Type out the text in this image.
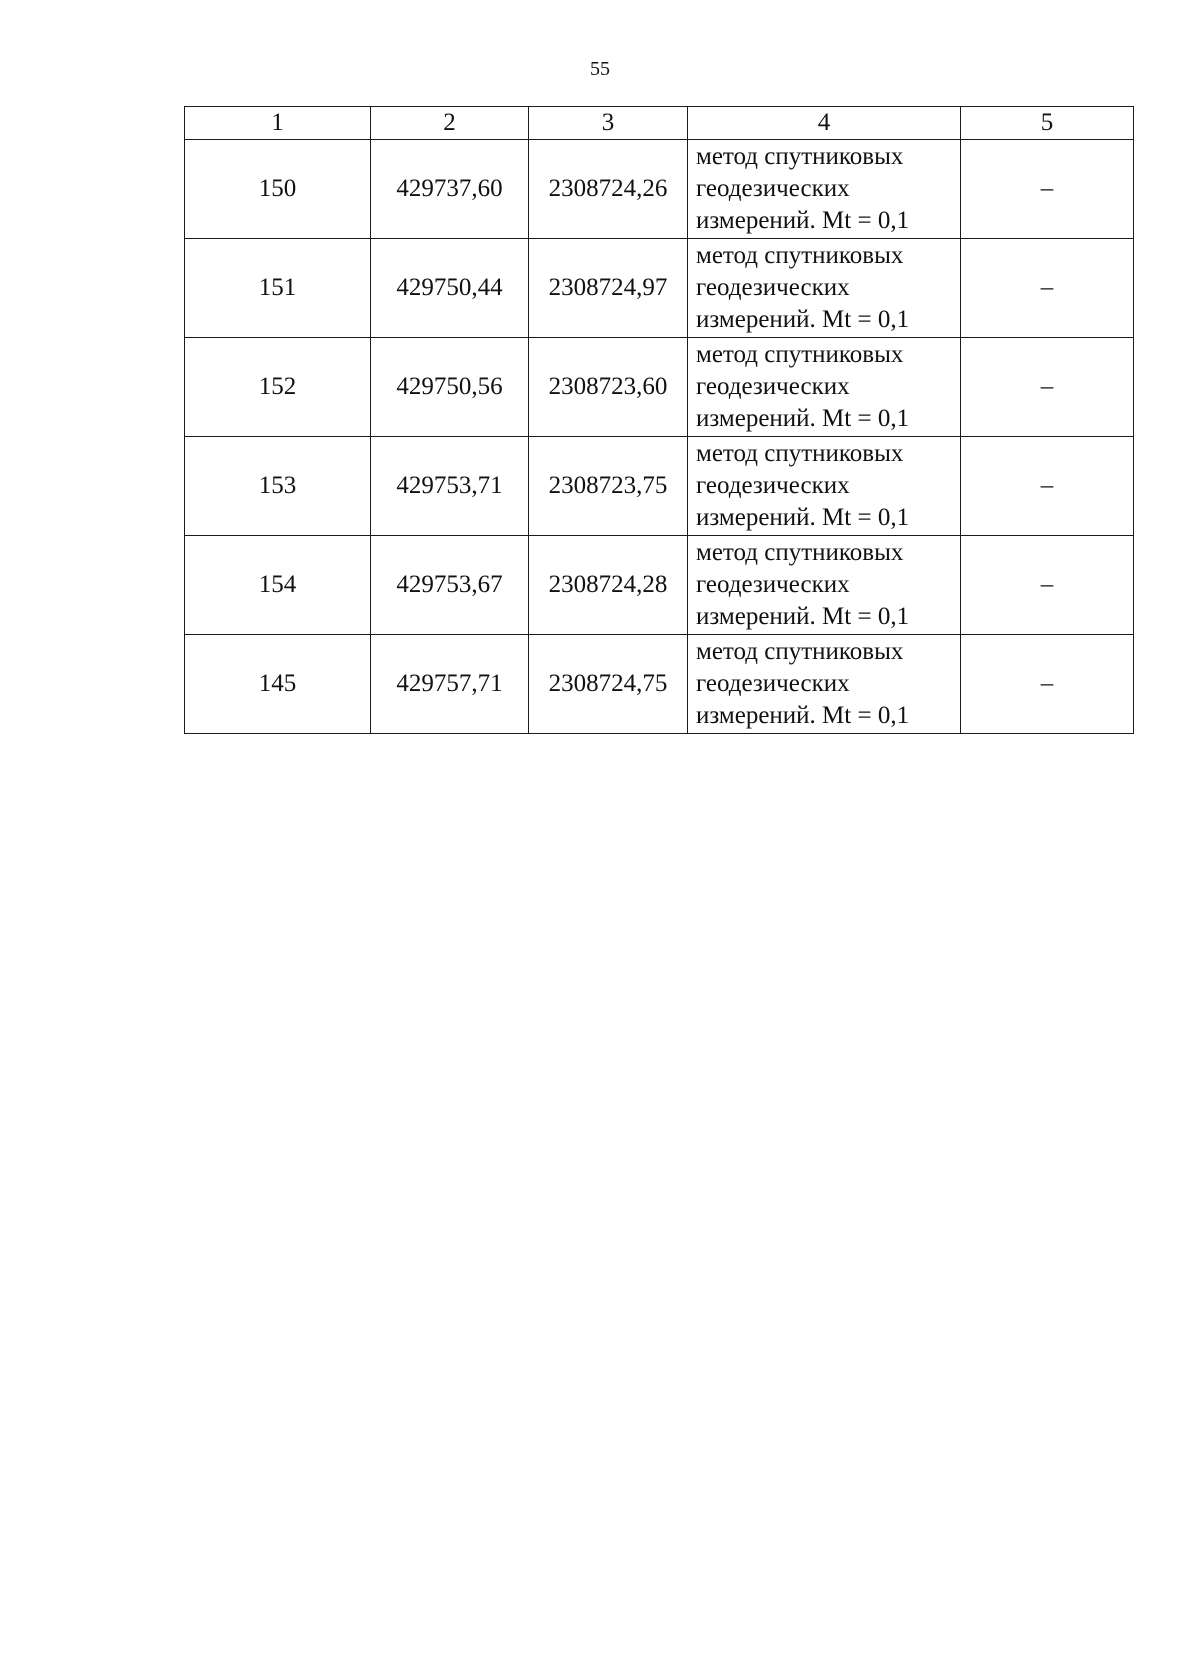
55
1	2	3	4	5
150	429737,60	2308724,26	метод спутниковых
геодезических
измерений. Mt = 0,1	–
151	429750,44	2308724,97	метод спутниковых
геодезических
измерений. Mt = 0,1	–
152	429750,56	2308723,60	метод спутниковых
геодезических
измерений. Mt = 0,1	–
153	429753,71	2308723,75	метод спутниковых
геодезических
измерений. Mt = 0,1	–
154	429753,67	2308724,28	метод спутниковых
геодезических
измерений. Mt = 0,1	–
145	429757,71	2308724,75	метод спутниковых
геодезических
измерений. Mt = 0,1	–
